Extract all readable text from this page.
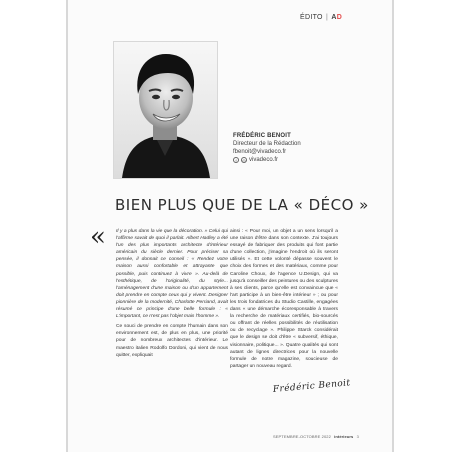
ÉDITO | AD
FRÉDÉRIC BENOIT
Directeur de la Rédaction
fbenoit@vivadeco.fr
f	◎ vivadeco.fr
BIEN PLUS QUE DE LA « DÉCO »
« Il y a plus dans la vie que la décoration. » Celui qui l'affirme savait de quoi il parlait. Albert Hadley a été l'un des plus importants architecte d'intérieur américain du siècle dernier. Pour préciser sa pensée, il donnait ce conseil : « Rendez votre maison aussi confortable et attrayante que possible, puis continuez à vivre ». Au-delà de l'esthétique, de l'originalité, du style... l'aménagement d'une maison ou d'un appartement doit prendre en compte ceux qui y vivent. Designer pionnière de la modernité, Charlotte Perriand, avait résumé ce principe d'une belle formule : « L'important, ce n'est pas l'objet mais l'homme ».

Ce souci de prendre en compte l'humain dans son environnement est, de plus en plus, une priorité pour de nombreux architectes d'intérieur. Le maestro italien Rodolfo Dordoni, qui vient de nous quitter, expliquait

ainsi : « Pour moi, un objet a un sens lorsqu'il a une raison d'être dans son contexte. J'ai toujours essayé de fabriquer des produits qui font partie d'une collection, j'imagine l'endroit où ils seront utilisés ». Et cette volonté dépasse souvent le choix des formes et des matériaux, comme pour Caroline Choux, de l'agence U.Design, qui va jusqu'à conseiller des peintures ou des sculptures à ses clients, parce qu'elle est convaincue que « l'art participe à un bien-être intérieur » ; ou pour les trois fondatrices du Studio Castille, engagées dans « une démarche écoresponsable à travers la recherche de matériaux certifiés, bio-sourcés ou offrant de réelles possibilités de réutilisation ou de recyclage ». Philippe Starck considérait que le design se doit d'être « subversif, éthique, visionnaire, politique... ». Quatre qualités qui sont autant de lignes directrices pour la nouvelle formule de notre magazine, soucieuse de partager un nouveau regard.

Frédéric Benoit
SEPTEMBRE-OCTOBRE 2022 intérieurs 3
